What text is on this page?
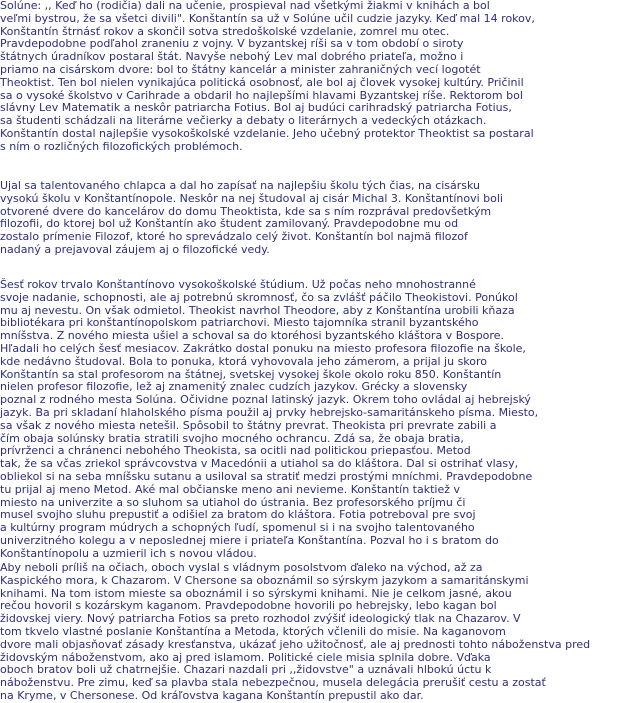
Solúne: ,, Keď ho (rodičia) dali na učenie, prospieval nad všetkými žiakmi v knihách a bol
veľmi bystrou, že sa všetci divili". Konštantín sa už v Solúne učil cudzie jazyky. Keď mal 14 rokov,
Konštantín štrnásť rokov a skončil sotva stredoškolské vzdelanie, zomrel mu otec.
Pravdepodobne podľahol zraneniu z vojny. V byzantskej ríši sa v tom období o siroty
štátnych úradníkov postaral štát. Navyše nebohý Lev mal dobrého priateľa, možno i
priamo na cisárskom dvore: bol to štátny kancelár a minister zahraničných vecí logotét
Theoktist. Ten bol nielen vynikajúca politická osobnosť, ale bol aj človek vysokej kultúry. Pričinil
sa o vysoké školstvo v Carihrade a obdaril ho najlepšími hlavami Byzantskej ríše. Rektorom bol
slávny Lev Matematik a neskôr patriarcha Fotius. Bol aj budúci carihradský patriarcha Fotius,
sa študenti schádzali na literárne večierky a debaty o literárnych a vedeckých otázkach.
Konštantín dostal najlepšie vysokoškolské vzdelanie. Jeho učebný protektor Theoktist sa postaral
s ním o rozličných filozofických problémoch.

Ujal sa talentovaného chlapca a dal ho zapísať na najlepšiu školu tých čias, na cisársku
vysokú školu v Konštantínopole. Neskôr na nej študoval aj cisár Michal 3. Konštantínovi boli
otvorené dvere do kancelárov do domu Theoktista, kde sa s ním rozprával predovšetkým
filozofii, do ktorej bol už Konštantín ako študent zamilovaný. Pravdepodobne mu od
zostalo prímenie Filozof, ktoré ho sprevádzalo celý život. Konštantín bol najmä filozof
nadaný a prejavoval záujem aj o filozofické vedy.

Šesť rokov trvalo Konštantínovo vysokoškolské štúdium. Už počas neho mnohostranné
svoje nadanie, schopnosti, ale aj potrebnú skromnosť, čo sa zvlášť páčilo Theokistovi. Ponúkol
mu aj nevestu. On však odmietol. Theokist navrhol Theodore, aby z Konštantína urobili kňaza
bibliotékara pri konštantínopolskom patriarchovi. Miesto tajomníka stranil byzantského
mníšstva. Z nového miesta ušiel a schoval sa do ktoréhosi byzantského kláštora v Bospore.
Hľadali ho celých šesť mesiacov. Zakrátko dostal ponuku na miesto profesora filozofie na škole,
kde nedávno študoval. Bola to ponuka, ktorá vyhovovala jeho zámerom, a prijal ju skoro
Konštantín sa stal profesorom na štátnej, svetskej vysokej škole okolo roku 850. Konštantín
nielen profesor filozofie, lež aj znamenitý znalec cudzích jazykov. Grécky a slovensky
poznal z rodného mesta Solúna. Očividne poznal latinský jazyk. Okrem toho ovládal aj hebrejský
jazyk. Ba pri skladaní hlaholského písma použil aj prvky hebrejsko-samaritánskeho písma. Miesto,
sa však z nového miesta netešil. Spôsobil to štátny prevrat. Theokista pri prevrate zabili a
čím obaja solúnsky bratia stratili svojho mocného ochrancu. Zdá sa, že obaja bratia,
prívrženci a chránenci nebohého Theokista, sa ocitli nad politickou priepasťou. Metod
tak, že sa včas zriekol správcovstva v Macedónii a utiahol sa do kláštora. Dal si ostrihať vlasy,
obliekol si na seba mníšsku sutanu a usiloval sa stratiť medzi prostými mníchmi. Pravdepodobne
tu prijal aj meno Metod. Aké mal občianske meno ani nevieme. Konštantín taktiež v
miesto na univerzite a so sluhom sa utiahol do ústrania. Bez profesorského príjmu či
musel svojho sluhu prepustiť a odišiel za bratom do kláštora. Fotia potreboval pre svoj
a kultúrny program múdrych a schopných ľudí, spomenul si i na svojho talentovaného
univerzitného kolegu a v neposlednej miere i priateľa Konštantína. Pozval ho i s bratom do
Konštantínopolu a uzmieril ich s novou vládou.

Aby neboli príliš na očiach, oboch vyslal s vládnym posolstvom ďaleko na východ, až za
Kaspického mora, k Chazarom. V Chersone sa oboznámil so sýrskym jazykom a samaritánskymi
knihami. Na tom istom mieste sa oboznámil i so sýrskymi knihami. Nie je celkom jasné, akou
rečou hovoril s kozárskym kaganom. Pravdepodobne hovorili po hebrejsky, lebo kagan bol
židovskej viery. Nový patriarcha Fotios sa preto rozhodol zvýšiť ideologický tlak na Chazarov. V
tom tkvelo vlastné poslanie Konštantína a Metoda, ktorých včlenili do misie. Na kaganovom
dvore mali objasňovať zásady kresťanstva, ukázať jeho užitočnosť, ale aj prednosti tohto náboženstva pred
židovským náboženstvom, ako aj pred islamom. Politické ciele misia splnila dobre. Vďaka
oboch bratov boli už chatrnejšie. Chazari nazdali pri ,,židovstve" a uznávali hlbokú úctu k
náboženstvu. Pre zimu, keď sa plavba stala nebezpečnou, musela delegácia prerušiť cestu a zostať
na Kryme, v Chersonese. Od kráľovstva kagana Konštantín prepustil ako dar.
